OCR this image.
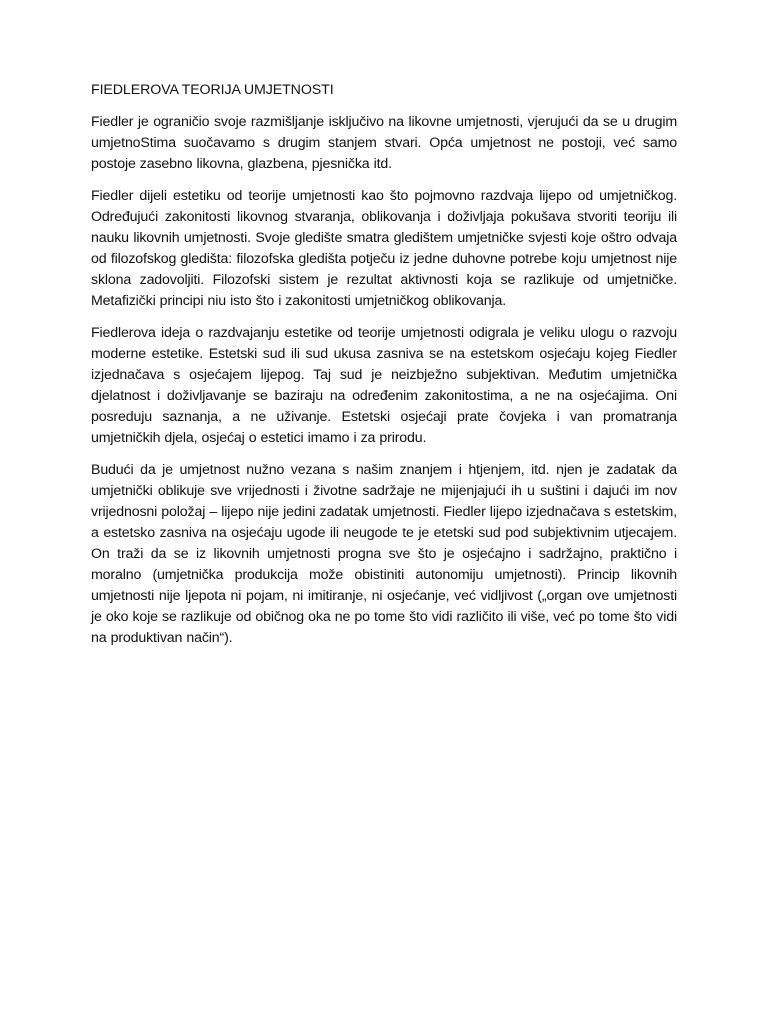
FIEDLEROVA TEORIJA UMJETNOSTI

Fiedler je ograničio svoje razmišljanje isključivo na likovne umjetnosti, vjerujući da se u drugim umjetnoStima suočavamo s drugim stanjem stvari. Opća umjetnost ne postoji, već samo postoje zasebno likovna, glazbena, pjesnička itd.

Fiedler dijeli estetiku od teorije umjetnosti kao što pojmovno razdvaja lijepo od umjetničkog. Određujući zakonitosti likovnog stvaranja, oblikovanja i doživljaja pokušava stvoriti teoriju ili nauku likovnih umjetnosti. Svoje gledište smatra gledištem umjetničke svjesti koje oštro odvaja od filozofskog gledišta: filozofska gledišta potječu iz jedne duhovne potrebe koju umjetnost nije sklona zadovoljiti. Filozofski sistem je rezultat aktivnosti koja se razlikuje od umjetničke. Metafizički principi niu isto što i zakonitosti umjetničkog oblikovanja.

Fiedlerova ideja o razdvajanju estetike od teorije umjetnosti odigrala je veliku ulogu o razvoju moderne estetike. Estetski sud ili sud ukusa zasniva se na estetskom osjećaju kojeg Fiedler izjednačava s osjećajem lijepog. Taj sud je neizbježno subjektivan. Međutim umjetnička djelatnost i doživljavanje se baziraju na određenim zakonitostima, a ne na osjećajima. Oni posreduju saznanja, a ne uživanje. Estetski osjećaji prate čovjeka i van promatranja umjetničkih djela, osjećaj o estetici imamo i za prirodu.

Budući da je umjetnost nužno vezana s našim znanjem i htjenjem, itd. njen je zadatak da umjetnički oblikuje sve vrijednosti i životne sadržaje ne mijenjajući ih u suštini i dajući im nov vrijednosni položaj – lijepo nije jedini zadatak umjetnosti. Fiedler lijepo izjednačava s estetskim, a estetsko zasniva na osjećaju ugode ili neugode te je etetski sud pod subjektivnim utjecajem. On traži da se iz likovnih umjetnosti progna sve što je osjećajno i sadržajno, praktično i moralno (umjetnička produkcija može obistiniti autonomiju umjetnosti). Princip likovnih umjetnosti nije ljepota ni pojam, ni imitiranje, ni osjećanje, već vidljivost („organ ove umjetnosti je oko koje se razlikuje od običnog oka ne po tome što vidi različito ili više, već po tome što vidi na produktivan način“).
